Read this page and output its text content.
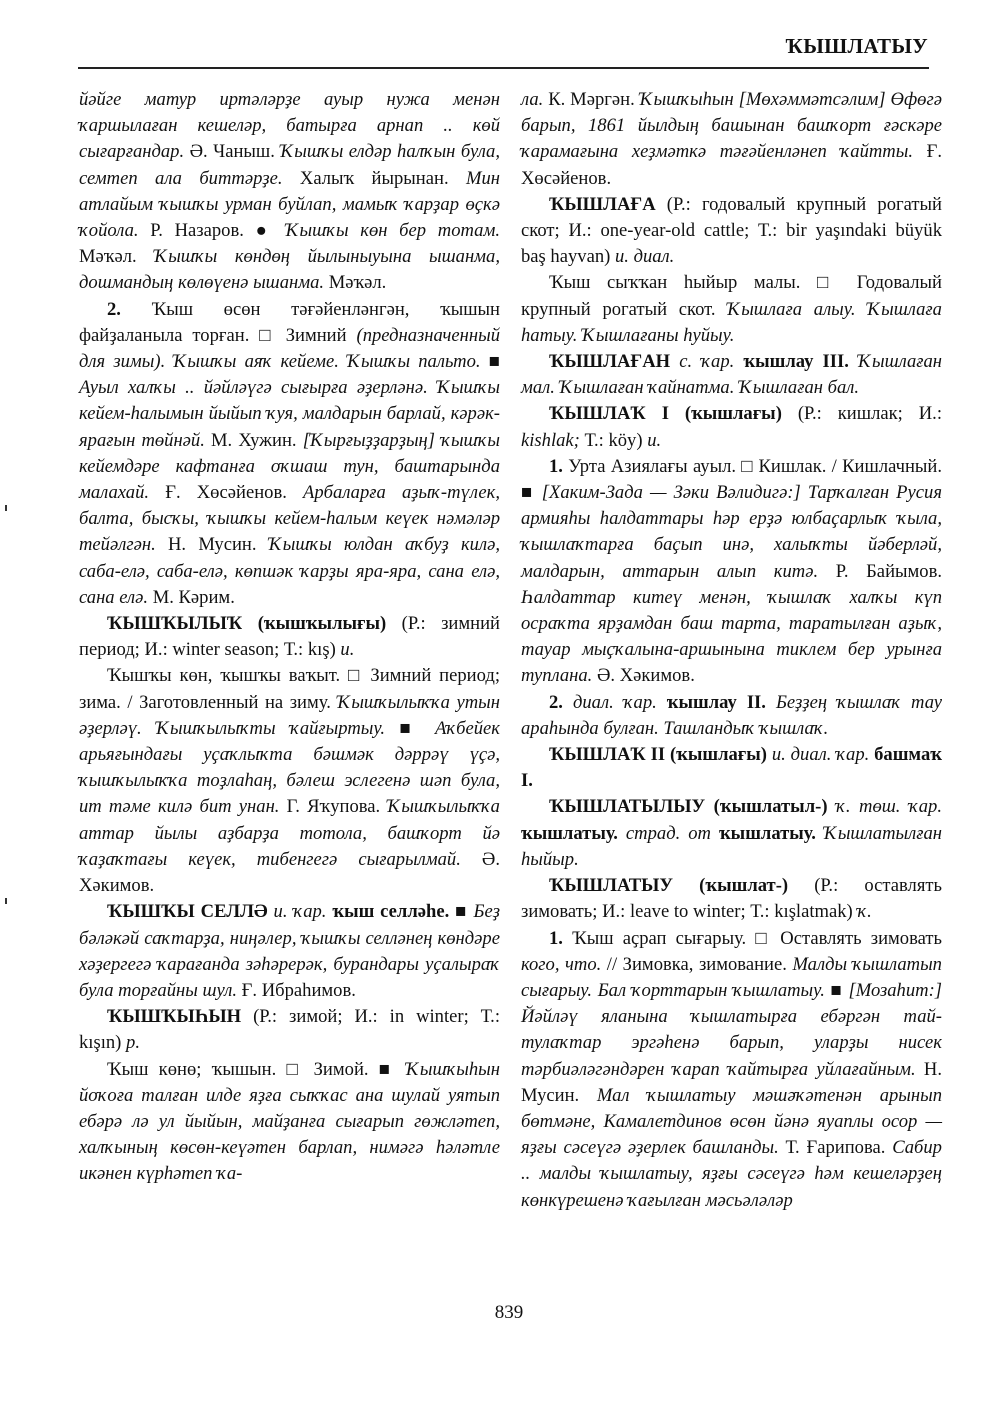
ҠЫШЛАТЫУ

йәйге матур иртәләрҙе ауыр нужа менән ҡаршылаған кешеләр, батырға арнап .. көй сығарғандар. Ә. Чаныш. Ҡышҡы елдәр һалҡын була, семтеп ала биттәрҙе. Халыҡ йырынан. Мин атлайым ҡышҡы урман буйлап, мамыҡ ҡарҙар өҫкә ҡойола. Р. Назаров. ● Ҡышҡы көн бер тотам. Мәҡәл. Ҡышҡы көндөң йылыныуына ышанма, дошмандың көлөүенә ышанма. Мәҡәл.

2. Ҡыш өсөн тәғәйенләнгән, ҡышын файҙаланыла торған. □ Зимний (предназначенный для зимы). Ҡышҡы аяҡ кейеме. Ҡышҡы пальто. ■ Ауыл халҡы .. йәйләүгә сығырға әҙерләнә. Ҡышҡы кейем-һалымын йыйып ҡуя, малдарын барлай, кәрәк-ярағын төйнәй. М. Хужин. [Ҡырғыҙҙарҙың] ҡышҡы кейемдәре кафтанға оҡшаш тун, баштарында малахай. Ғ. Хөсәйенов. Арбаларға аҙыҡ-түлек, балта, бысҡы, ҡышҡы кейем-һалым кеүек нәмәләр тейәлгән. Н. Мусин. Ҡышҡы юлдан аҡбуҙ килә, саба-елә, саба-елә, көпшәк ҡарҙы яра-яра, сана елә, сана елә. М. Кәрим.

ҠЫШҠЫЛЫҠ (ҡышҡылығы) (Р.: зимний период; И.: winter season; Т.: kış) и.

Ҡышҡы көн, ҡышҡы ваҡыт. □ Зимний период; зима. / Заготовленный на зиму. Ҡышҡылыҡҡа утын әҙерләү. Ҡышҡылыҡты ҡайғыртыу. ■ Аҡбейек арьяғындағы уҫаҡлыҡта бәшмәк дәррәү үҫә, ҡышҡылыҡҡа тоҙлаһаң, бәлеш эслегенә шәп була, ит тәме килә бит унан. Г. Яҡупова. Ҡышҡылыҡҡа аттар йылы аҙбарҙа тотола, башҡорт йә ҡаҙаҡтағы кеүек, тибенгегә сығарылмай. Ә. Хәкимов.

ҠЫШҠЫ СЕЛЛӘ и. ҡар. ҡыш селләһе. ■ Беҙ бәләкәй саҡтарҙа, ниңәлер, ҡышҡы селләнең көндәре хәҙергегә ҡарағанда зәһәрерәк, бурандары уҫалыраҡ була торғайны шул. Ғ. Ибраһимов.

ҠЫШҠЫҺЫН (Р.: зимой; И.: in winter; Т.: kışın) р.

Ҡыш көнө; ҡышын. □ Зимой. ■ Ҡышҡыһын йоҡоға талған илде яҙға сыҡҡас ана шулай уятып ебәрә лә ул йыйын, майҙанға сығарып гөжләтеп, халҡының көсөн-кеүәтен барлап, нимәгә һәләтле икәнен күрһәтеп ҡа-

ла. К. Мәргән. Ҡышҡыһын [Мөхәммәтсәлим] Өфөгә барып, 1861 йылдың башынан башҡорт ғәскәре ҡарамағына хеҙмәткә тәғәйенләнеп ҡайтты. Ғ. Хөсәйенов.

ҠЫШЛАҒА (Р.: годовалый крупный рогатый скот; И.: one-year-old cattle; Т.: bir yaşındaki büyük baş hayvan) и. диал.

Ҡыш сыҡҡан һыйыр малы. □ Годовалый крупный рогатый скот. Ҡышлаға алыу. Ҡышлаға һатыу. Ҡышлағаны һуйыу.

ҠЫШЛАҒАН с. ҡар. ҡышлау III. Ҡышлаған мал. Ҡышлаған ҡайнатма. Ҡышлаған бал.

ҠЫШЛАҠ I (ҡышлағы) (Р.: кишлак; И.: kishlak; Т.: köy) и.

1. Урта Азиялағы ауыл. □ Кишлак. / Кишлачный. ■ [Хаким-Зада — Зәки Вәлидигә:] Тарҡалған Русия армияһы һалдаттары һәр ерҙә юлбаҫарлыҡ ҡыла, ҡышлаҡтарға баҫып инә, халыҡты йәберләй, малдарын, аттарын алып китә. Р. Байымов. Һалдаттар китеү менән, ҡышлаҡ халҡы күп осраҡта ярҙамдан баш тарта, таратылған аҙыҡ, тауар мыҫҡалына-аршынына тиклем бер урынға туплана. Ә. Хәкимов.

2. диал. ҡар. ҡышлау II. Беҙҙең ҡышлаҡ тау араһында булған. Ташландыҡ ҡышлаҡ.

ҠЫШЛАҠ II (ҡышлағы) и. диал. ҡар. башмаҡ I.

ҠЫШЛАТЫЛЫУ (ҡышлатыл-) ҡ. төш. ҡар. ҡышлатыу. страд. от ҡышлатыу. Ҡышлатылған һыйыр.

ҠЫШЛАТЫУ (ҡышлат-) (Р.: оставлять зимовать; И.: leave to winter; Т.: kışlatmak) ҡ.

1. Ҡыш аҫрап сығарыу. □ Оставлять зимовать кого, что. // Зимовка, зимование. Малды ҡышлатып сығарыу. Бал ҡорттарын ҡышлатыу. ■ [Мозаһит:] Йәйләү яланына ҡышлатырға ебәргән тай-тулаҡтар эргәһенә барып, уларҙы нисек тәрбиәләгәндәрен ҡарап ҡайтырға уйлағайным. Н. Мусин. Мал ҡышлатыу мәшәҡәтенән арынып бөтмәне, Камалетдинов өсөн йәнә яуаплы осор — яҙғы сәсеүгә әҙерлек башланды. Т. Ғарипова. Сабир .. малды ҡышлатыу, яҙғы сәсеүгә һәм кешеләрҙең көнкүрешенә ҡағылған мәсьәләләр

839
